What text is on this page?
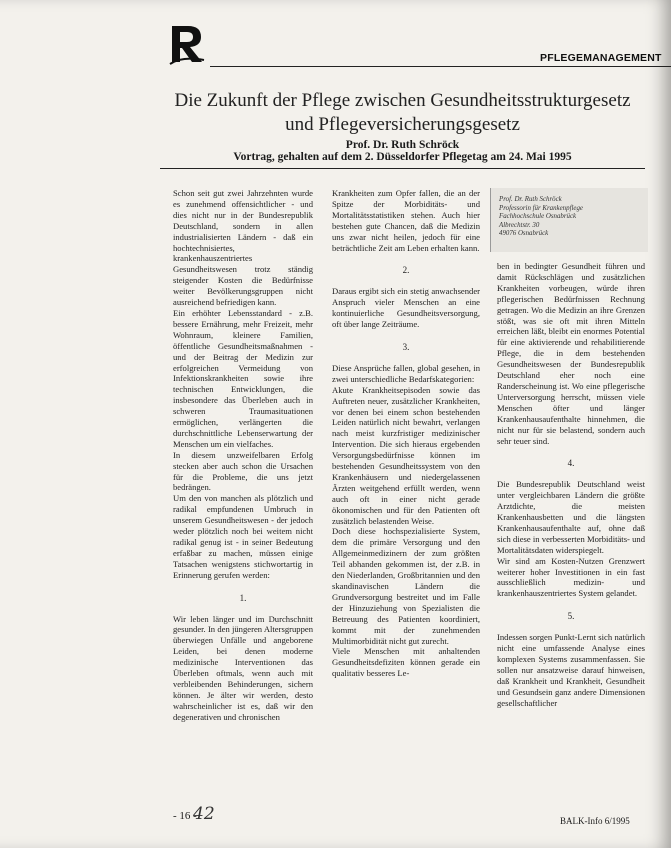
PFLEGEMANAGEMENT
Die Zukunft der Pflege zwischen Gesundheitsstrukturgesetz und Pflegeversicherungsgesetz
Prof. Dr. Ruth Schröck
Vortrag, gehalten auf dem 2. Düsseldorfer Pflegetag am 24. Mai 1995

Schon seit gut zwei Jahrzehnten wurde es zunehmend offensichtlicher - und dies nicht nur in der Bundesrepublik Deutschland, sondern in allen industrialisierten Ländern - daß ein hochtechnisiertes, krankenhauszentriertes Gesundheitswesen trotz ständig steigender Kosten die Bedürfnisse weiter Bevölkerungsgruppen nicht ausreichend befriedigen kann.

Ein erhöhter Lebensstandard - z.B. bessere Ernährung, mehr Freizeit, mehr Wohnraum, kleinere Familien, öffentliche Gesundheitsmaßnahmen - und der Beitrag der Medizin zur erfolgreichen Vermeidung von Infektionskrankheiten sowie ihre technischen Entwicklungen, die insbesondere das Überleben auch in schweren Traumasituationen ermöglichen, verlängerten die durchschnittliche Lebenserwartung der Menschen um ein vielfaches.

In diesem unzweifelbaren Erfolg stecken aber auch schon die Ursachen für die Probleme, die uns jetzt bedrängen.

Um den von manchen als plötzlich und radikal empfundenen Umbruch in unserem Gesundheitswesen - der jedoch weder plötzlich noch bei weitem nicht radikal genug ist - in seiner Bedeutung erfaßbar zu machen, müssen einige Tatsachen wenigstens stichwortartig in Erinnerung gerufen werden:

1.

Wir leben länger und im Durchschnitt gesunder. In den jüngeren Altersgruppen überwiegen Unfälle und angeborene Leiden, bei denen moderne medizinische Interventionen das Überleben oftmals, wenn auch mit verbleibenden Behinderungen, sichern können. Je älter wir werden, desto wahrscheinlicher ist es, daß wir den degenerativen und chronischen

Krankheiten zum Opfer fallen, die an der Spitze der Morbiditäts- und Mortalitätsstatistiken stehen. Auch hier bestehen gute Chancen, daß die Medizin uns zwar nicht heilen, jedoch für eine beträchtliche Zeit am Leben erhalten kann.

2.

Daraus ergibt sich ein stetig anwachsender Anspruch vieler Menschen an eine kontinuierliche Gesundheitsversorgung, oft über lange Zeiträume.

3.

Diese Ansprüche fallen, global gesehen, in zwei unterschiedliche Bedarfskategorien:

Akute Krankheitsepisoden sowie das Auftreten neuer, zusätzlicher Krankheiten, vor denen bei einem schon bestehenden Leiden natürlich nicht bewahrt, verlangen nach meist kurzfristiger medizinischer Intervention. Die sich hieraus ergebenden Versorgungsbedürfnisse können im bestehenden Gesundheitssystem von den Krankenhäusern und niedergelassenen Ärzten weitgehend erfüllt werden, wenn auch oft in einer nicht gerade ökonomischen und für den Patienten oft zusätzlich belastenden Weise.

Doch diese hochspezialisierte System, dem die primäre Versorgung und den Allgemeinmedizinern der zum größten Teil abhanden gekommen ist, der z.B. in den Niederlanden, Großbritannien und den skandinavischen Ländern die Grundversorgung bestreitet und im Falle der Hinzuziehung von Spezialisten die Betreuung des Patienten koordiniert, kommt mit der zunehmenden Multimorbidität nicht gut zurecht.

Viele Menschen mit anhaltenden Gesundheitsdefiziten können gerade ein qualitativ besseres Le-

Prof. Dr. Ruth Schröck
Professorin für Krankenpflege
Fachhochschule Osnabrück
Albrechtstr. 30
49076 Osnabrück

ben in bedingter Gesundheit führen und damit Rückschlägen und zusätzlichen Krankheiten vorbeugen, würde ihren pflegerischen Bedürfnissen Rechnung getragen. Wo die Medizin an ihre Grenzen stößt, was sie oft mit ihren Mitteln erreichen läßt, bleibt ein enormes Potential für eine aktivierende und rehabilitierende Pflege, die in dem bestehenden Gesundheitswesen der Bundesrepublik Deutschland eher noch eine Randerscheinung ist. Wo eine pflegerische Unterversorgung herrscht, müssen viele Menschen öfter und länger Krankenhausaufenthalte hinnehmen, die nicht nur für sie belastend, sondern auch sehr teuer sind.

4.

Die Bundesrepublik Deutschland weist unter vergleichbaren Ländern die größte Arztdichte, die meisten Krankenhausbetten und die längsten Krankenhausaufenthalte auf, ohne daß sich diese in verbesserten Morbiditäts- und Mortalitätsdaten widerspiegelt.

Wir sind am Kosten-Nutzen Grenzwert weiterer hoher Investitionen in ein fast ausschließlich medizin- und krankenhauszentriertes System gelandet.

5.

Indessen sorgen Punkt-Lernt sich natürlich nicht eine umfassende Analyse eines komplexen Systems zusammenfassen. Sie sollen nur ansatzweise darauf hinweisen, daß Krankheit und Krankheit, Gesundheit und Gesundsein ganz andere Dimensionen gesellschaftlicher

- 16 -
42	BALK-Info 6/1995
